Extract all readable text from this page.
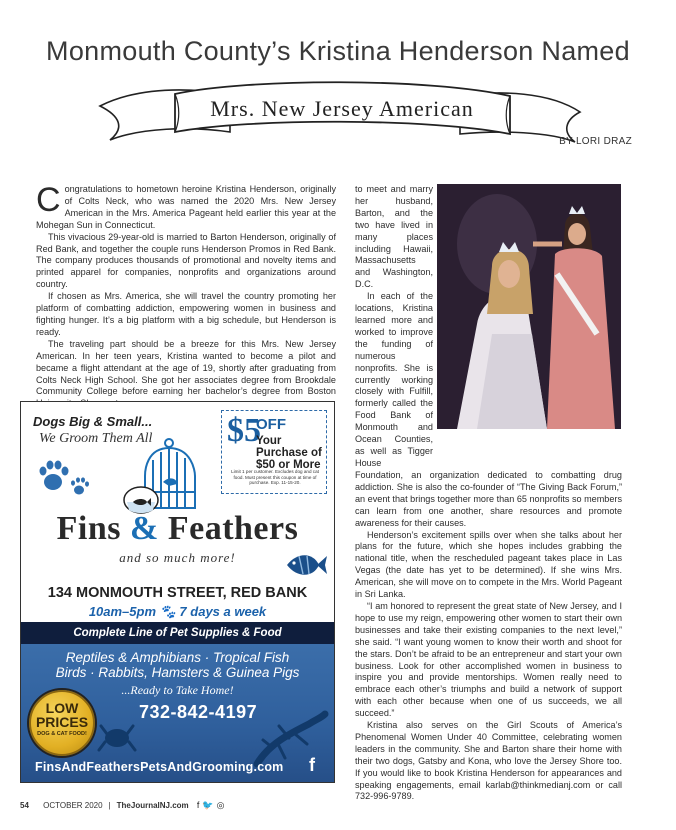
Monmouth County’s Kristina Henderson Named
Mrs. New Jersey American
BY LORI DRAZ

Congratulations to hometown heroine Kristina Henderson, originally of Colts Neck, who was named the 2020 Mrs. New Jersey American in the Mrs. America Pageant held earlier this year at the Mohegan Sun in Connecticut.

This vivacious 29-year-old is married to Barton Henderson, originally of Red Bank, and together the couple runs Henderson Promos in Red Bank. The company produces thousands of promotional and novelty items and printed apparel for companies, nonprofits and organizations around country.

If chosen as Mrs. America, she will travel the country promoting her platform of combatting addiction, empowering women in business and fighting hunger. It’s a big platform with a big schedule, but Henderson is ready.

The traveling part should be a breeze for this Mrs. New Jersey American. In her teen years, Kristina wanted to become a pilot and became a flight attendant at the age of 19, shortly after graduating from Colts Neck High School. She got her associates degree from Brookdale Community College before earning her bachelor’s degree from Boston

to meet and marry her husband, Barton, and the two have lived in many places including Hawaii, Massachusetts and Washington, D.C.

In each of the locations, Kristina learned more and worked to improve the funding of numerous nonprofits. She is currently working closely with Fulfill, formerly called the Food Bank of Monmouth and Ocean Counties, as well as Tigger House

Foundation, an organization dedicated to combatting drug addiction. She is also the co-founder of “The Giving Back Forum,” an event that brings together more than 65 nonprofits so members can learn from one another, share resources and promote awareness for their causes.

Henderson’s excitement spills over when she talks about her plans for the future, which she hopes includes grabbing the national title, when the rescheduled pageant takes place in Las Vegas (the date has yet to be determined). If she wins Mrs. American, she will move on to compete in the Mrs. World Pageant in Sri Lanka.

“I am honored to represent the great state of New Jersey, and I hope to use my reign, empowering other women to start their own businesses and take their existing companies to the next level,” she said. “I want young women to know their worth and shoot for the stars. Don’t be afraid to be an entrepreneur and start your own business. Look for other accomplished women in business to inspire you and provide mentorships. Women really need to embrace each other’s triumphs and build a network of support with each other because when one of us succeeds, we all succeed.”

Kristina also serves on the Girl Scouts of America’s Phenomenal Women Under 40 Committee, celebrating women leaders in the community. She and Barton share their home with their two dogs, Gatsby and Kona, who love the Jersey Shore too. If you would like to book Kristina Henderson for appearances and speaking engagements, email karlab@thinkmedianj.com or call 732-996-9789.

Dogs Big & Small...
We Groom Them All $5
OFF
Your Purchase of $50 or More
Limit 1 per customer. Excludes dog and cat food. Must present this coupon at time of purchase. Exp. 11-15-20.
Fins & Feathers
and so much more!
134 MONMOUTH STREET, RED BANK
10am–5pm 🐾 7 days a week
Complete Line of Pet Supplies & Food
Reptiles & Amphibians · Tropical Fish
Birds · Rabbits, Hamsters & Guinea Pigs
...Ready to Take Home!
LOW PRICES
DOG & CAT FOOD!
732-842-4197
FinsAndFeathersPetsAndGrooming.com f
54 OCTOBER 2020 | TheJournalNJ.com f🐦◎
